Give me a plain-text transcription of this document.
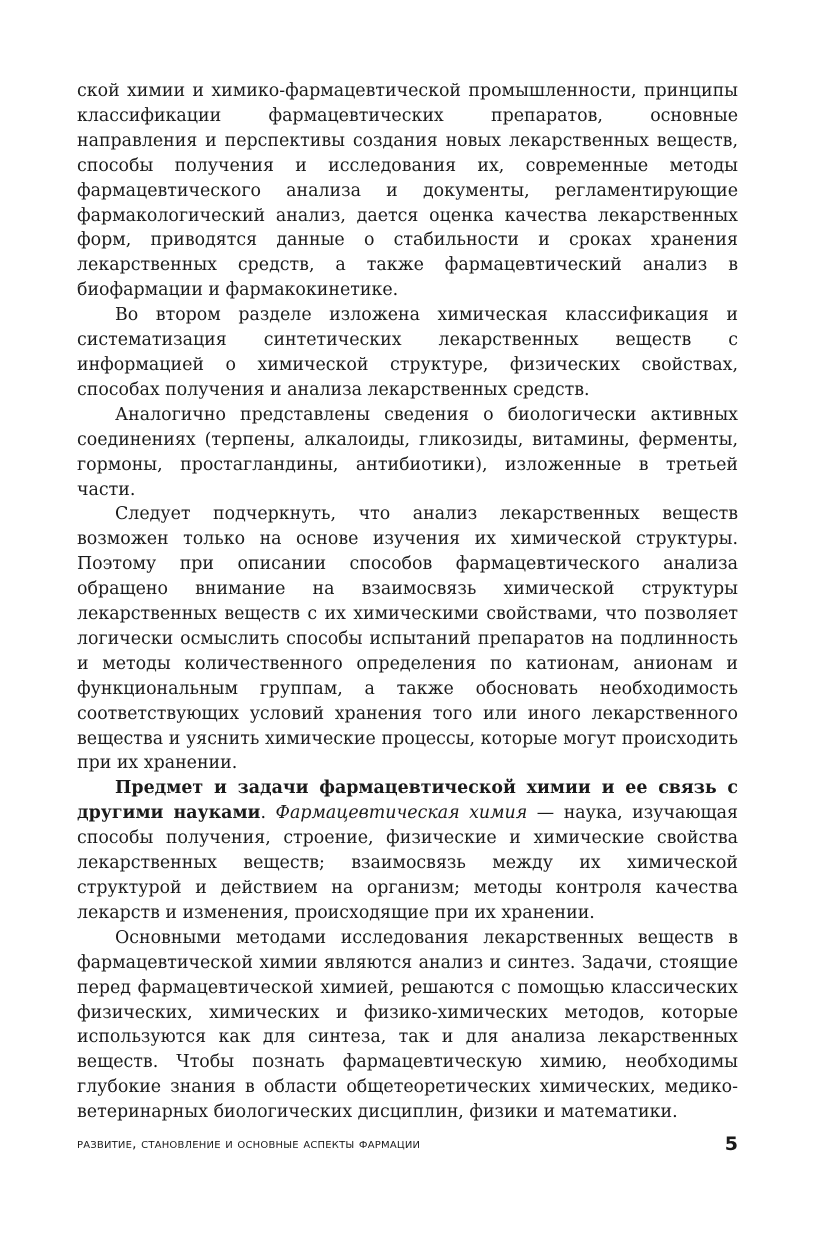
ской химии и химико-фармацевтической промышленности, принципы классификации фармацевтических препаратов, основные направления и перспективы создания новых лекарственных веществ, способы получения и исследования их, современные методы фармацевтического анализа и документы, регламентирующие фармакологический анализ, дается оценка качества лекарственных форм, приводятся данные о стабильности и сроках хранения лекарственных средств, а также фармацевтический анализ в биофармации и фармакокинетике.

Во втором разделе изложена химическая классификация и систематизация синтетических лекарственных веществ с информацией о химической структуре, физических свойствах, способах получения и анализа лекарственных средств.

Аналогично представлены сведения о биологически активных соединениях (терпены, алкалоиды, гликозиды, витамины, ферменты, гормоны, простагландины, антибиотики), изложенные в третьей части.

Следует подчеркнуть, что анализ лекарственных веществ возможен только на основе изучения их химической структуры. Поэтому при описании способов фармацевтического анализа обращено внимание на взаимосвязь химической структуры лекарственных веществ с их химическими свойствами, что позволяет логически осмыслить способы испытаний препаратов на подлинность и методы количественного определения по катионам, анионам и функциональным группам, а также обосновать необходимость соответствующих условий хранения того или иного лекарственного вещества и уяснить химические процессы, которые могут происходить при их хранении.

Предмет и задачи фармацевтической химии и ее связь с другими науками. Фармацевтическая химия — наука, изучающая способы получения, строение, физические и химические свойства лекарственных веществ; взаимосвязь между их химической структурой и действием на организм; методы контроля качества лекарств и изменения, происходящие при их хранении.

Основными методами исследования лекарственных веществ в фармацевтической химии являются анализ и синтез. Задачи, стоящие перед фармацевтической химией, решаются с помощью классических физических, химических и физико-химических методов, которые используются как для синтеза, так и для анализа лекарственных веществ. Чтобы познать фармацевтическую химию, необходимы глубокие знания в области общетеоретических химических, медико-ветеринарных биологических дисциплин, физики и математики.

развитие, становление и основные аспекты фармации	5
